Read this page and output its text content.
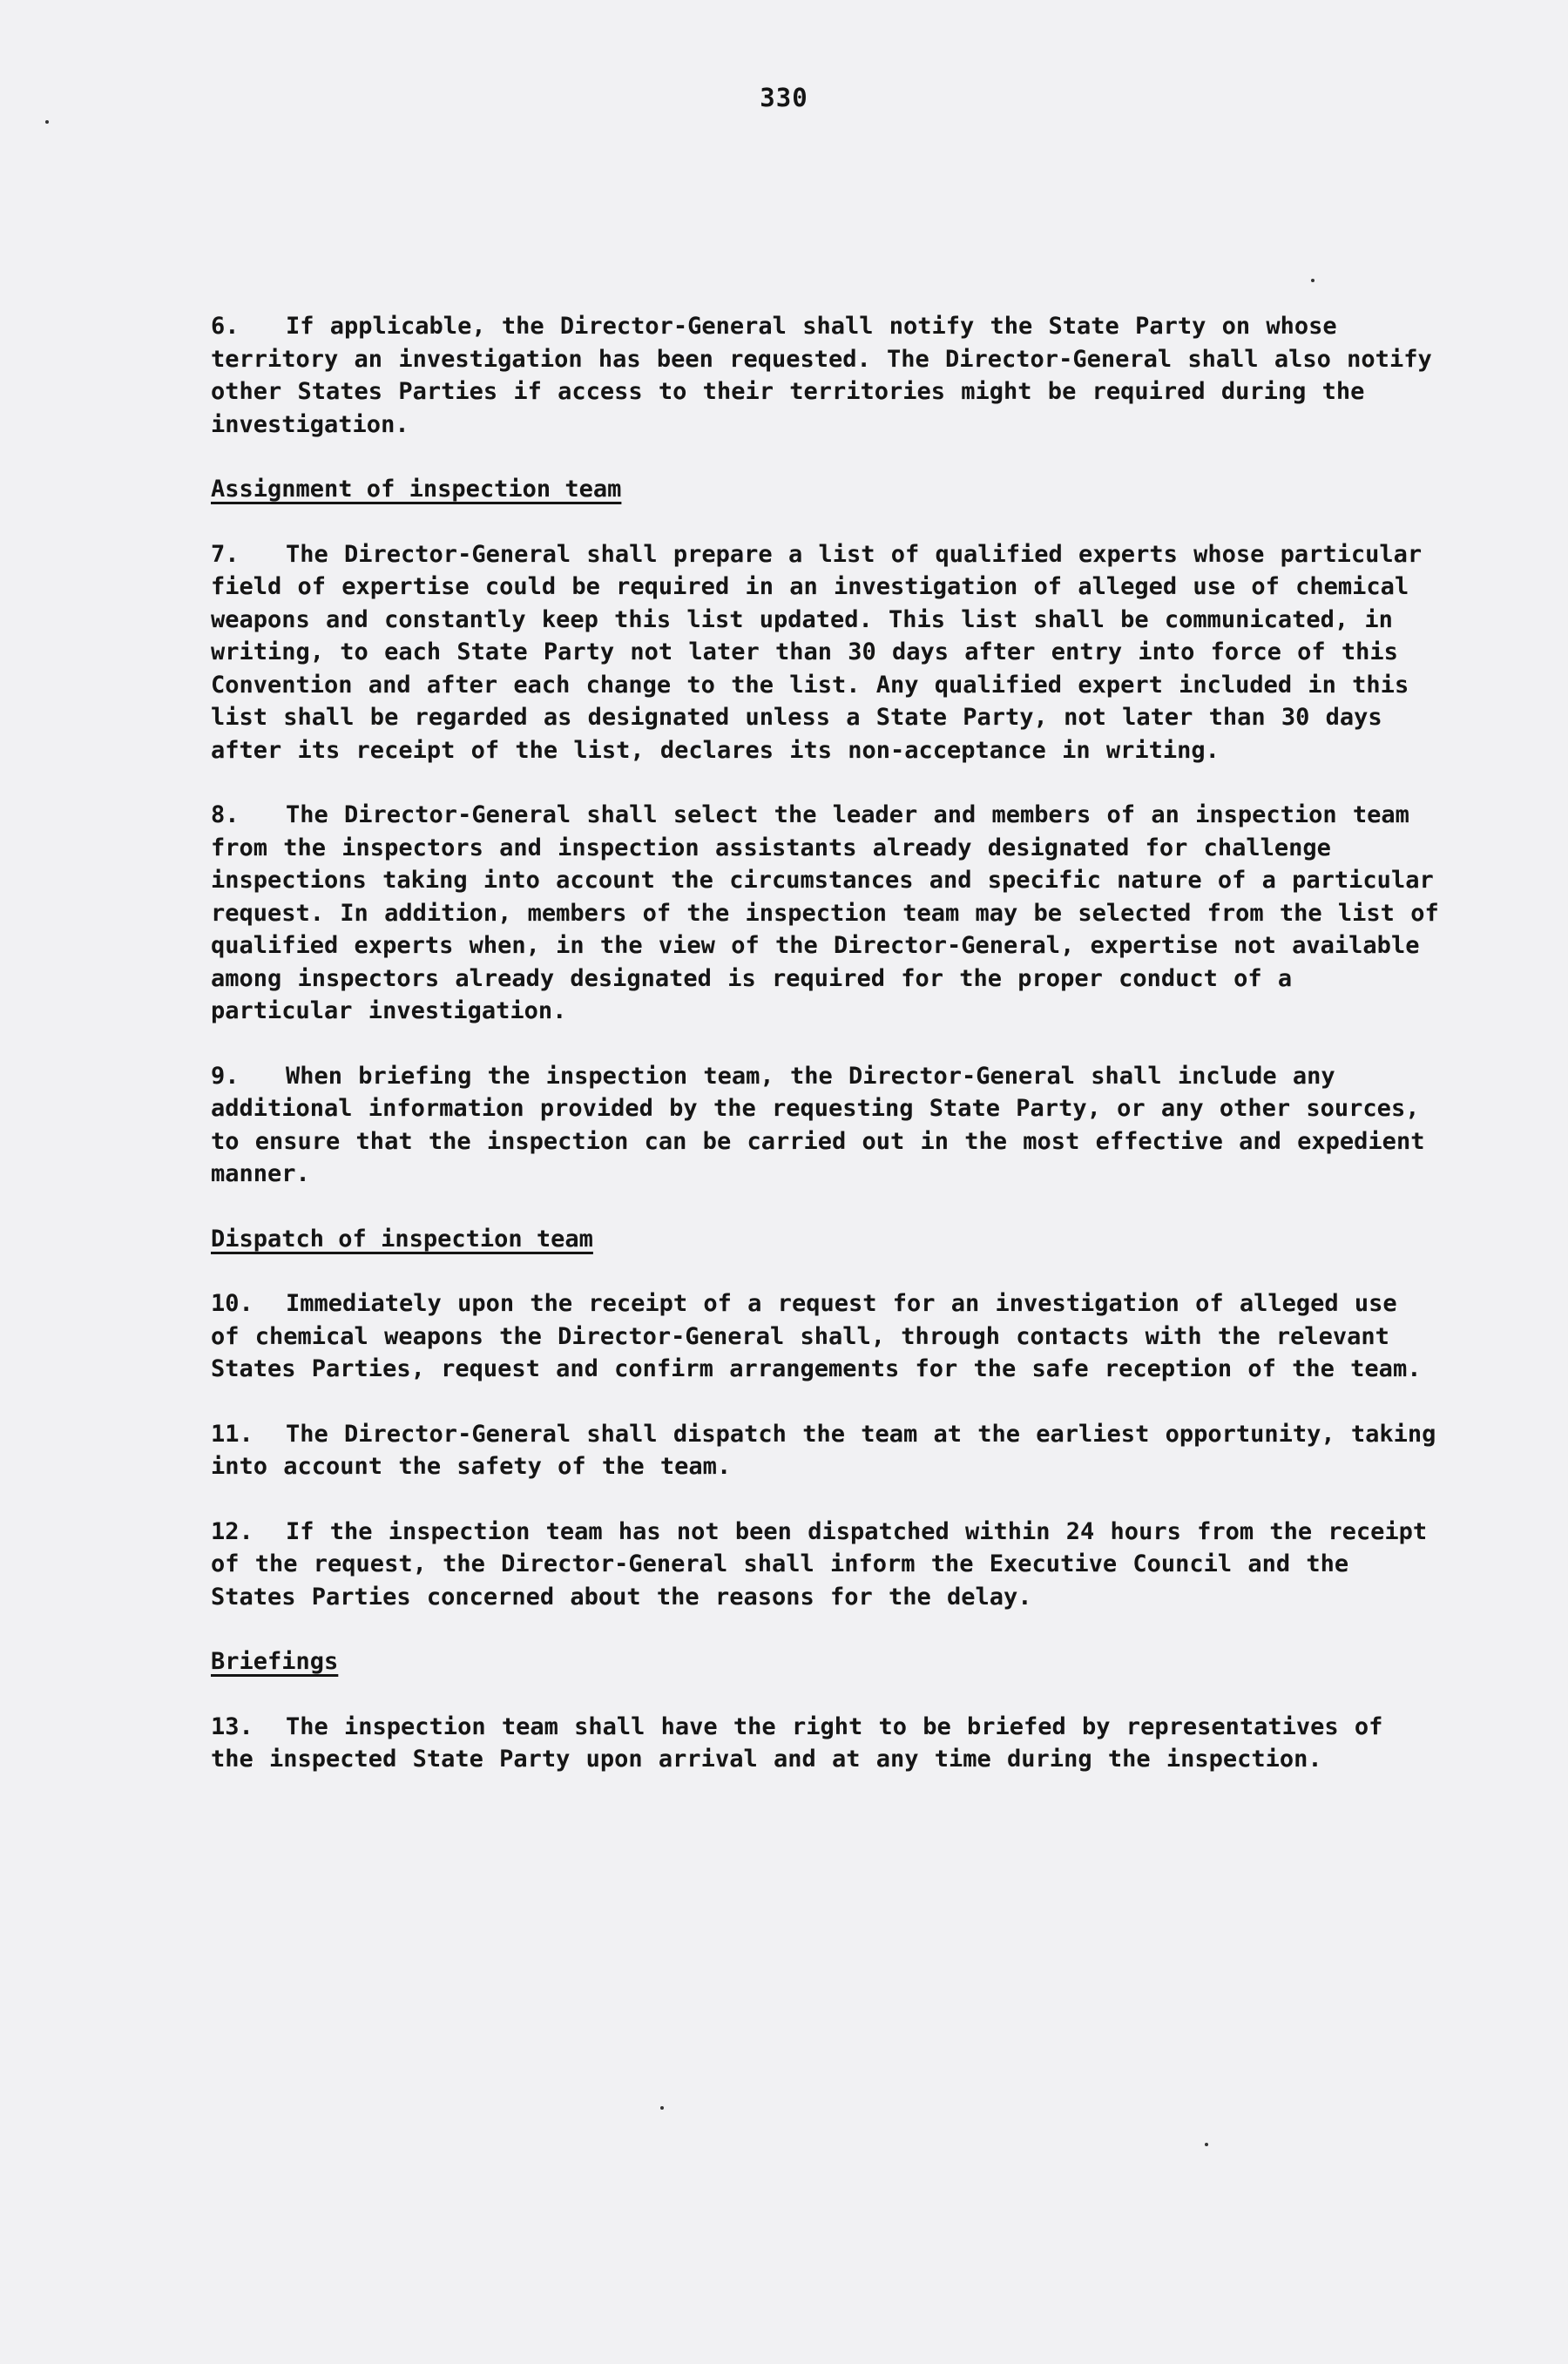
330

6. If applicable, the Director-General shall notify the State Party on whose territory an investigation has been requested. The Director-General shall also notify other States Parties if access to their territories might be required during the investigation.

Assignment of inspection team

7. The Director-General shall prepare a list of qualified experts whose particular field of expertise could be required in an investigation of alleged use of chemical weapons and constantly keep this list updated. This list shall be communicated, in writing, to each State Party not later than 30 days after entry into force of this Convention and after each change to the list. Any qualified expert included in this list shall be regarded as designated unless a State Party, not later than 30 days after its receipt of the list, declares its non-acceptance in writing.

8. The Director-General shall select the leader and members of an inspection team from the inspectors and inspection assistants already designated for challenge inspections taking into account the circumstances and specific nature of a particular request. In addition, members of the inspection team may be selected from the list of qualified experts when, in the view of the Director-General, expertise not available among inspectors already designated is required for the proper conduct of a particular investigation.

9. When briefing the inspection team, the Director-General shall include any additional information provided by the requesting State Party, or any other sources, to ensure that the inspection can be carried out in the most effective and expedient manner.

Dispatch of inspection team

10. Immediately upon the receipt of a request for an investigation of alleged use of chemical weapons the Director-General shall, through contacts with the relevant States Parties, request and confirm arrangements for the safe reception of the team.

11. The Director-General shall dispatch the team at the earliest opportunity, taking into account the safety of the team.

12. If the inspection team has not been dispatched within 24 hours from the receipt of the request, the Director-General shall inform the Executive Council and the States Parties concerned about the reasons for the delay.

Briefings

13. The inspection team shall have the right to be briefed by representatives of the inspected State Party upon arrival and at any time during the inspection.
